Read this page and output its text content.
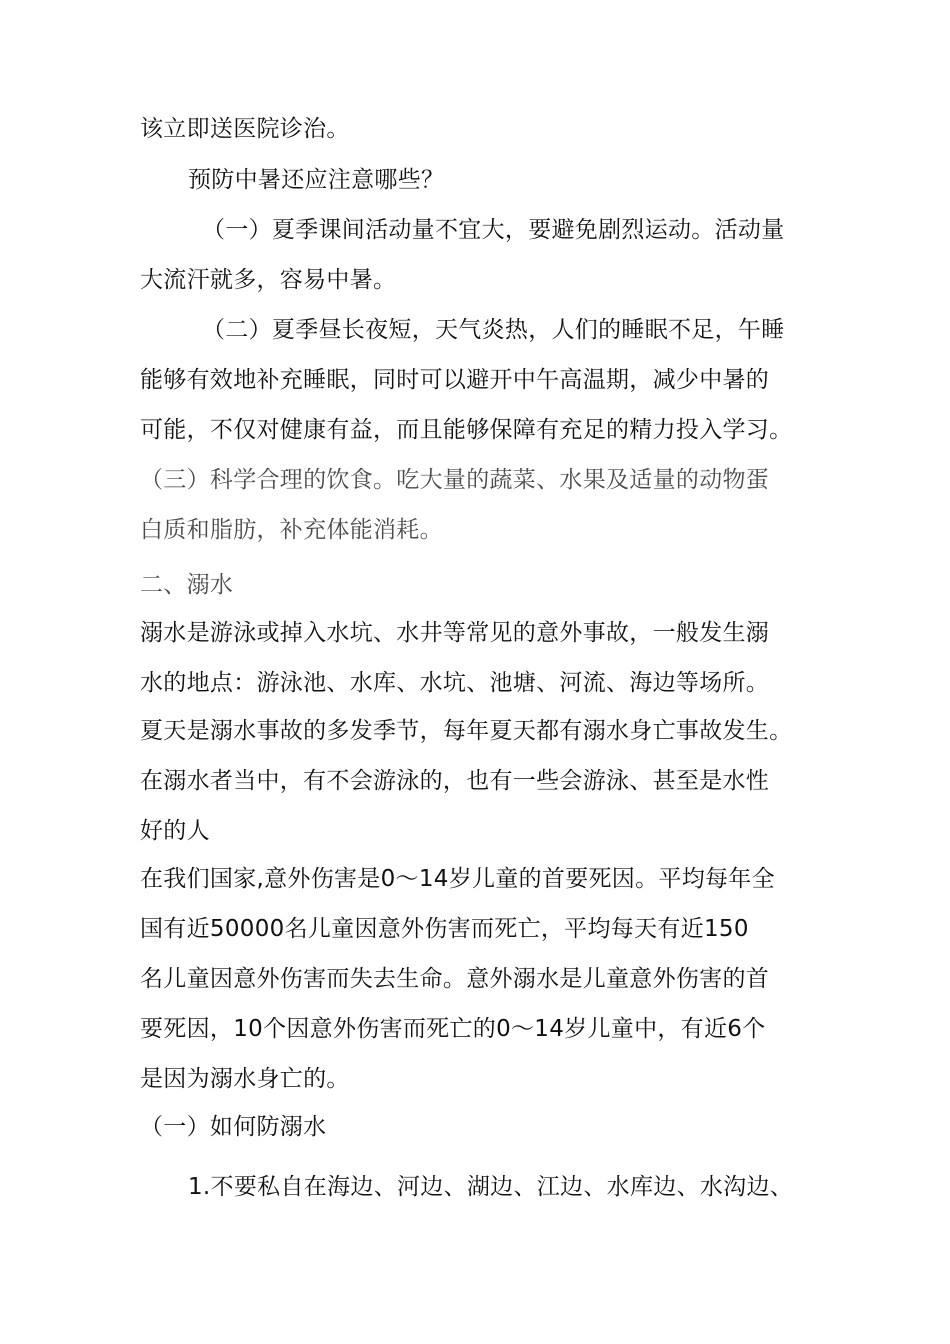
该立即送医院诊治。
预防中暑还应注意哪些？
（一）夏季课间活动量不宜大，要避免剧烈运动。活动量
大流汗就多，容易中暑。
（二）夏季昼长夜短，天气炎热，人们的睡眠不足，午睡
能够有效地补充睡眠，同时可以避开中午高温期，减少中暑的
可能，不仅对健康有益，而且能够保障有充足的精力投入学习。
（三）科学合理的饮食。吃大量的蔬菜、水果及适量的动物蛋
白质和脂肪，补充体能消耗。
二、溺水
溺水是游泳或掉入水坑、水井等常见的意外事故，一般发生溺
水的地点：游泳池、水库、水坑、池塘、河流、海边等场所。
夏天是溺水事故的多发季节，每年夏天都有溺水身亡事故发生。
在溺水者当中，有不会游泳的，也有一些会游泳、甚至是水性
好的人
在我们国家,意外伤害是0〜14岁儿童的首要死因。平均每年全
国有近50000名儿童因意外伤害而死亡，平均每天有近150
名儿童因意外伤害而失去生命。意外溺水是儿童意外伤害的首
要死因，10个因意外伤害而死亡的0〜14岁儿童中，有近6个
是因为溺水身亡的。
（一）如何防溺水
1.不要私自在海边、河边、湖边、江边、水库边、水沟边、
